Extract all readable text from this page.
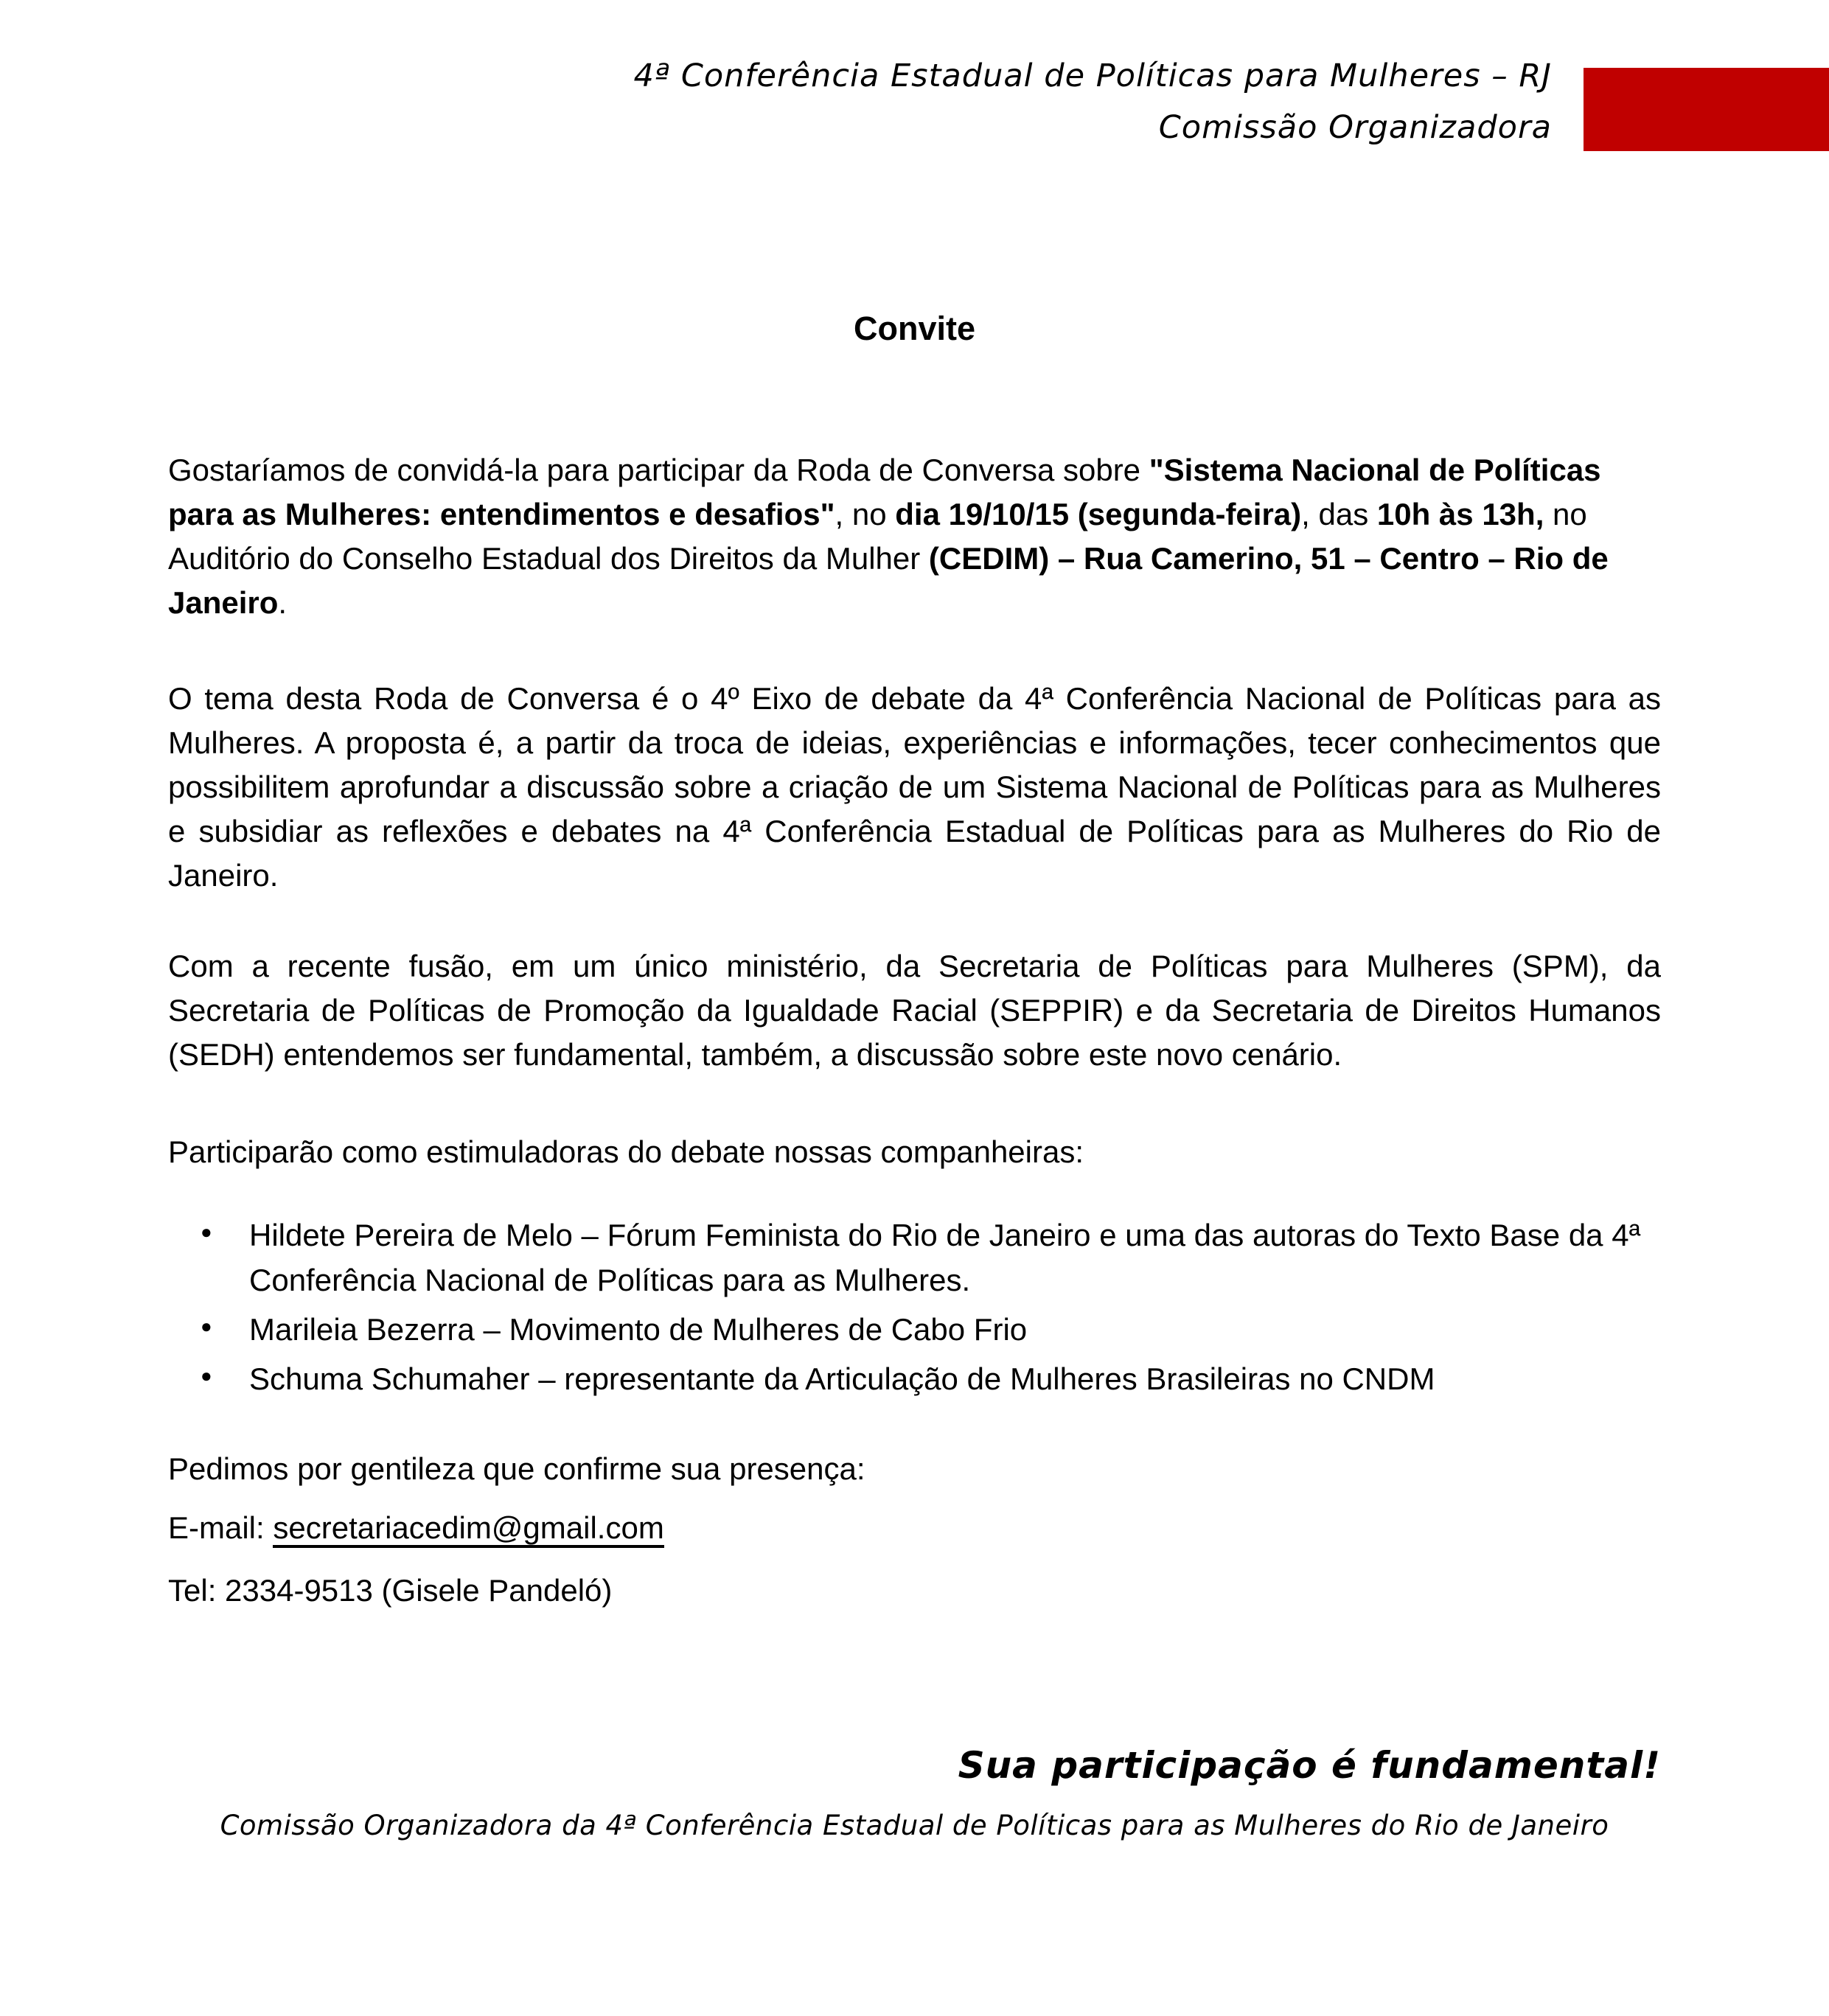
4ª Conferência Estadual de Políticas para Mulheres – RJ
Comissão Organizadora
Convite

Gostaríamos de convidá-la para participar da Roda de Conversa sobre "Sistema Nacional de Políticas para as Mulheres: entendimentos e desafios", no dia 19/10/15 (segunda-feira), das 10h às 13h, no Auditório do Conselho Estadual dos Direitos da Mulher (CEDIM) – Rua Camerino, 51 – Centro – Rio de Janeiro.

O tema desta Roda de Conversa é o 4º Eixo de debate da 4ª Conferência Nacional de Políticas para as Mulheres. A proposta é, a partir da troca de ideias, experiências e informações, tecer conhecimentos que possibilitem aprofundar a discussão sobre a criação de um Sistema Nacional de Políticas para as Mulheres e subsidiar as reflexões e debates na 4ª Conferência Estadual de Políticas para as Mulheres do Rio de Janeiro.

Com a recente fusão, em um único ministério, da Secretaria de Políticas para Mulheres (SPM), da Secretaria de Políticas de Promoção da Igualdade Racial (SEPPIR) e da Secretaria de Direitos Humanos (SEDH) entendemos ser fundamental, também, a discussão sobre este novo cenário.

Participarão como estimuladoras do debate nossas companheiras:

● Hildete Pereira de Melo – Fórum Feminista do Rio de Janeiro e uma das autoras do Texto Base da 4ª Conferência Nacional de Políticas para as Mulheres.
● Marileia Bezerra – Movimento de Mulheres de Cabo Frio
● Schuma Schumaher – representante da Articulação de Mulheres Brasileiras no CNDM

Pedimos por gentileza que confirme sua presença:

E-mail: secretariacedim@gmail.com

Tel: 2334-9513 (Gisele Pandeló)

Sua participação é fundamental!
Comissão Organizadora da 4ª Conferência Estadual de Políticas para as Mulheres do Rio de Janeiro
